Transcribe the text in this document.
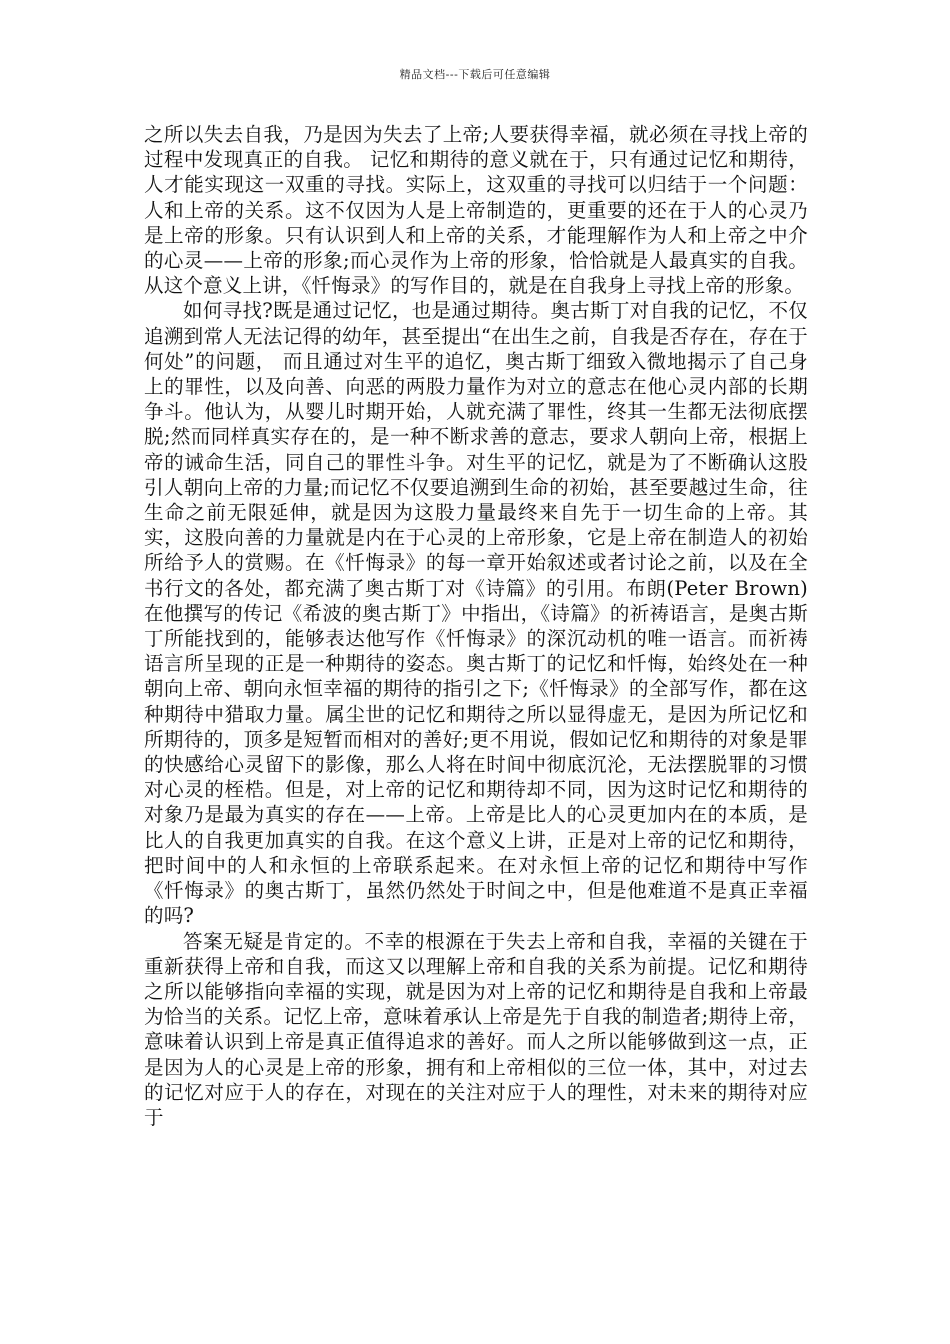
精品文档---下载后可任意编辑

之所以失去自我，乃是因为失去了上帝;人要获得幸福，就必须在寻找上帝的过程中发现真正的自我。 记忆和期待的意义就在于，只有通过记忆和期待，人才能实现这一双重的寻找。实际上，这双重的寻找可以归结于一个问题：人和上帝的关系。这不仅因为人是上帝制造的，更重要的还在于人的心灵乃是上帝的形象。只有认识到人和上帝的关系，才能理解作为人和上帝之中介的心灵——上帝的形象;而心灵作为上帝的形象，恰恰就是人最真实的自我。从这个意义上讲，《忏悔录》的写作目的，就是在自我身上寻找上帝的形象。

如何寻找?既是通过记忆，也是通过期待。奥古斯丁对自我的记忆，不仅追溯到常人无法记得的幼年，甚至提出“在出生之前，自我是否存在，存在于何处”的问题， 而且通过对生平的追忆，奥古斯丁细致入微地揭示了自己身上的罪性，以及向善、向恶的两股力量作为对立的意志在他心灵内部的长期争斗。他认为，从婴儿时期开始，人就充满了罪性，终其一生都无法彻底摆脱;然而同样真实存在的，是一种不断求善的意志，要求人朝向上帝，根据上帝的诫命生活，同自己的罪性斗争。对生平的记忆，就是为了不断确认这股引人朝向上帝的力量;而记忆不仅要追溯到生命的初始，甚至要越过生命，往生命之前无限延伸，就是因为这股力量最终来自先于一切生命的上帝。其实，这股向善的力量就是内在于心灵的上帝形象，它是上帝在制造人的初始所给予人的赏赐。在《忏悔录》的每一章开始叙述或者讨论之前，以及在全书行文的各处，都充满了奥古斯丁对《诗篇》的引用。布朗(Peter Brown)在他撰写的传记《希波的奥古斯丁》中指出，《诗篇》的祈祷语言，是奥古斯丁所能找到的，能够表达他写作《忏悔录》的深沉动机的唯一语言。而祈祷语言所呈现的正是一种期待的姿态。奥古斯丁的记忆和忏悔，始终处在一种朝向上帝、朝向永恒幸福的期待的指引之下;《忏悔录》的全部写作，都在这种期待中猎取力量。属尘世的记忆和期待之所以显得虚无，是因为所记忆和所期待的，顶多是短暂而相对的善好;更不用说，假如记忆和期待的对象是罪的快感给心灵留下的影像，那么人将在时间中彻底沉沦，无法摆脱罪的习惯对心灵的桎梏。但是，对上帝的记忆和期待却不同，因为这时记忆和期待的对象乃是最为真实的存在——上帝。上帝是比人的心灵更加内在的本质，是比人的自我更加真实的自我。在这个意义上讲，正是对上帝的记忆和期待，把时间中的人和永恒的上帝联系起来。在对永恒上帝的记忆和期待中写作《忏悔录》的奥古斯丁，虽然仍然处于时间之中，但是他难道不是真正幸福的吗?

答案无疑是肯定的。不幸的根源在于失去上帝和自我，幸福的关键在于重新获得上帝和自我，而这又以理解上帝和自我的关系为前提。记忆和期待之所以能够指向幸福的实现，就是因为对上帝的记忆和期待是自我和上帝最为恰当的关系。记忆上帝，意味着承认上帝是先于自我的制造者;期待上帝，意味着认识到上帝是真正值得追求的善好。而人之所以能够做到这一点，正是因为人的心灵是上帝的形象，拥有和上帝相似的三位一体，其中，对过去的记忆对应于人的存在，对现在的关注对应于人的理性，对未来的期待对应于
